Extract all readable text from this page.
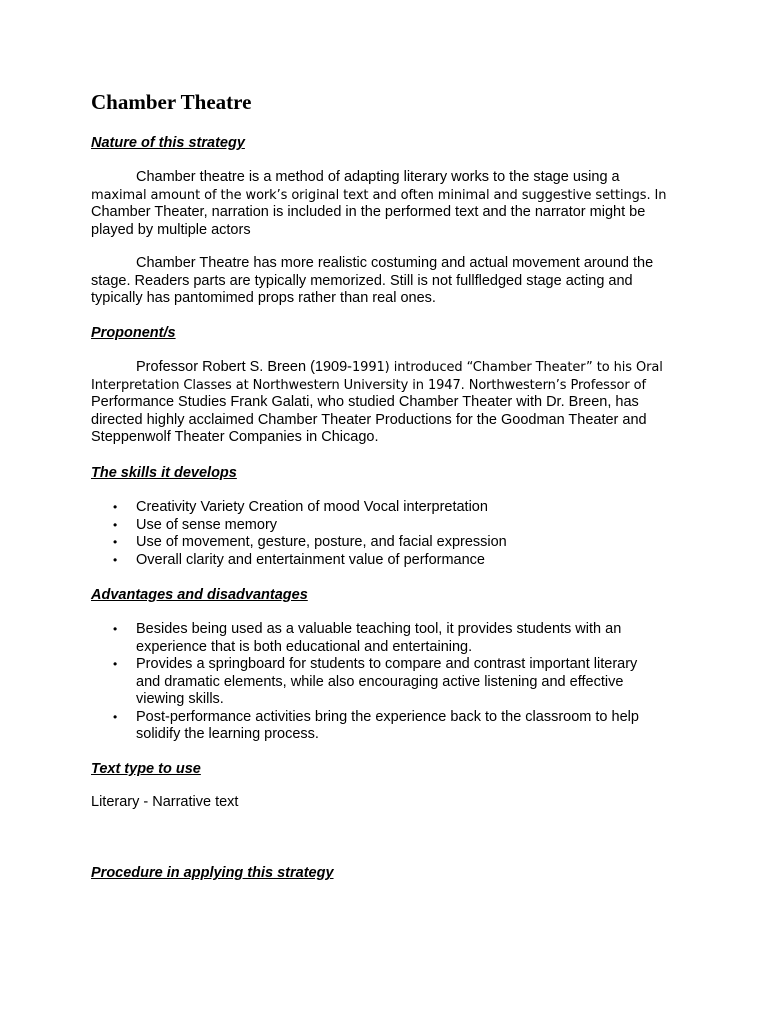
Chamber Theatre
Nature of this strategy

Chamber theatre is a method of adapting literary works to the stage using a
maximal amount of the work’s original text and often minimal and suggestive settings. In
Chamber Theater, narration is included in the performed text and the narrator might be
played by multiple actors

Chamber Theatre has more realistic costuming and actual movement around the
stage. Readers parts are typically memorized. Still is not fullfledged stage acting and
typically has pantomimed props rather than real ones.

Proponent/s

Professor Robert S. Breen (1909-1991) introduced “Chamber Theater” to his Oral
Interpretation Classes at Northwestern University in 1947. Northwestern’s Professor of
Performance Studies Frank Galati, who studied Chamber Theater with Dr. Breen, has
directed highly acclaimed Chamber Theater Productions for the Goodman Theater and
Steppenwolf Theater Companies in Chicago.

The skills it develops
• Creativity Variety Creation of mood Vocal interpretation
• Use of sense memory
• Use of movement, gesture, posture, and facial expression
• Overall clarity and entertainment value of performance
Advantages and disadvantages
• Besides being used as a valuable teaching tool, it provides students with an
experience that is both educational and entertaining.
• Provides a springboard for students to compare and contrast important literary
and dramatic elements, while also encouraging active listening and effective
viewing skills.
• Post-performance activities bring the experience back to the classroom to help
solidify the learning process.
Text type to use

Literary - Narrative text

Procedure in applying this strategy
